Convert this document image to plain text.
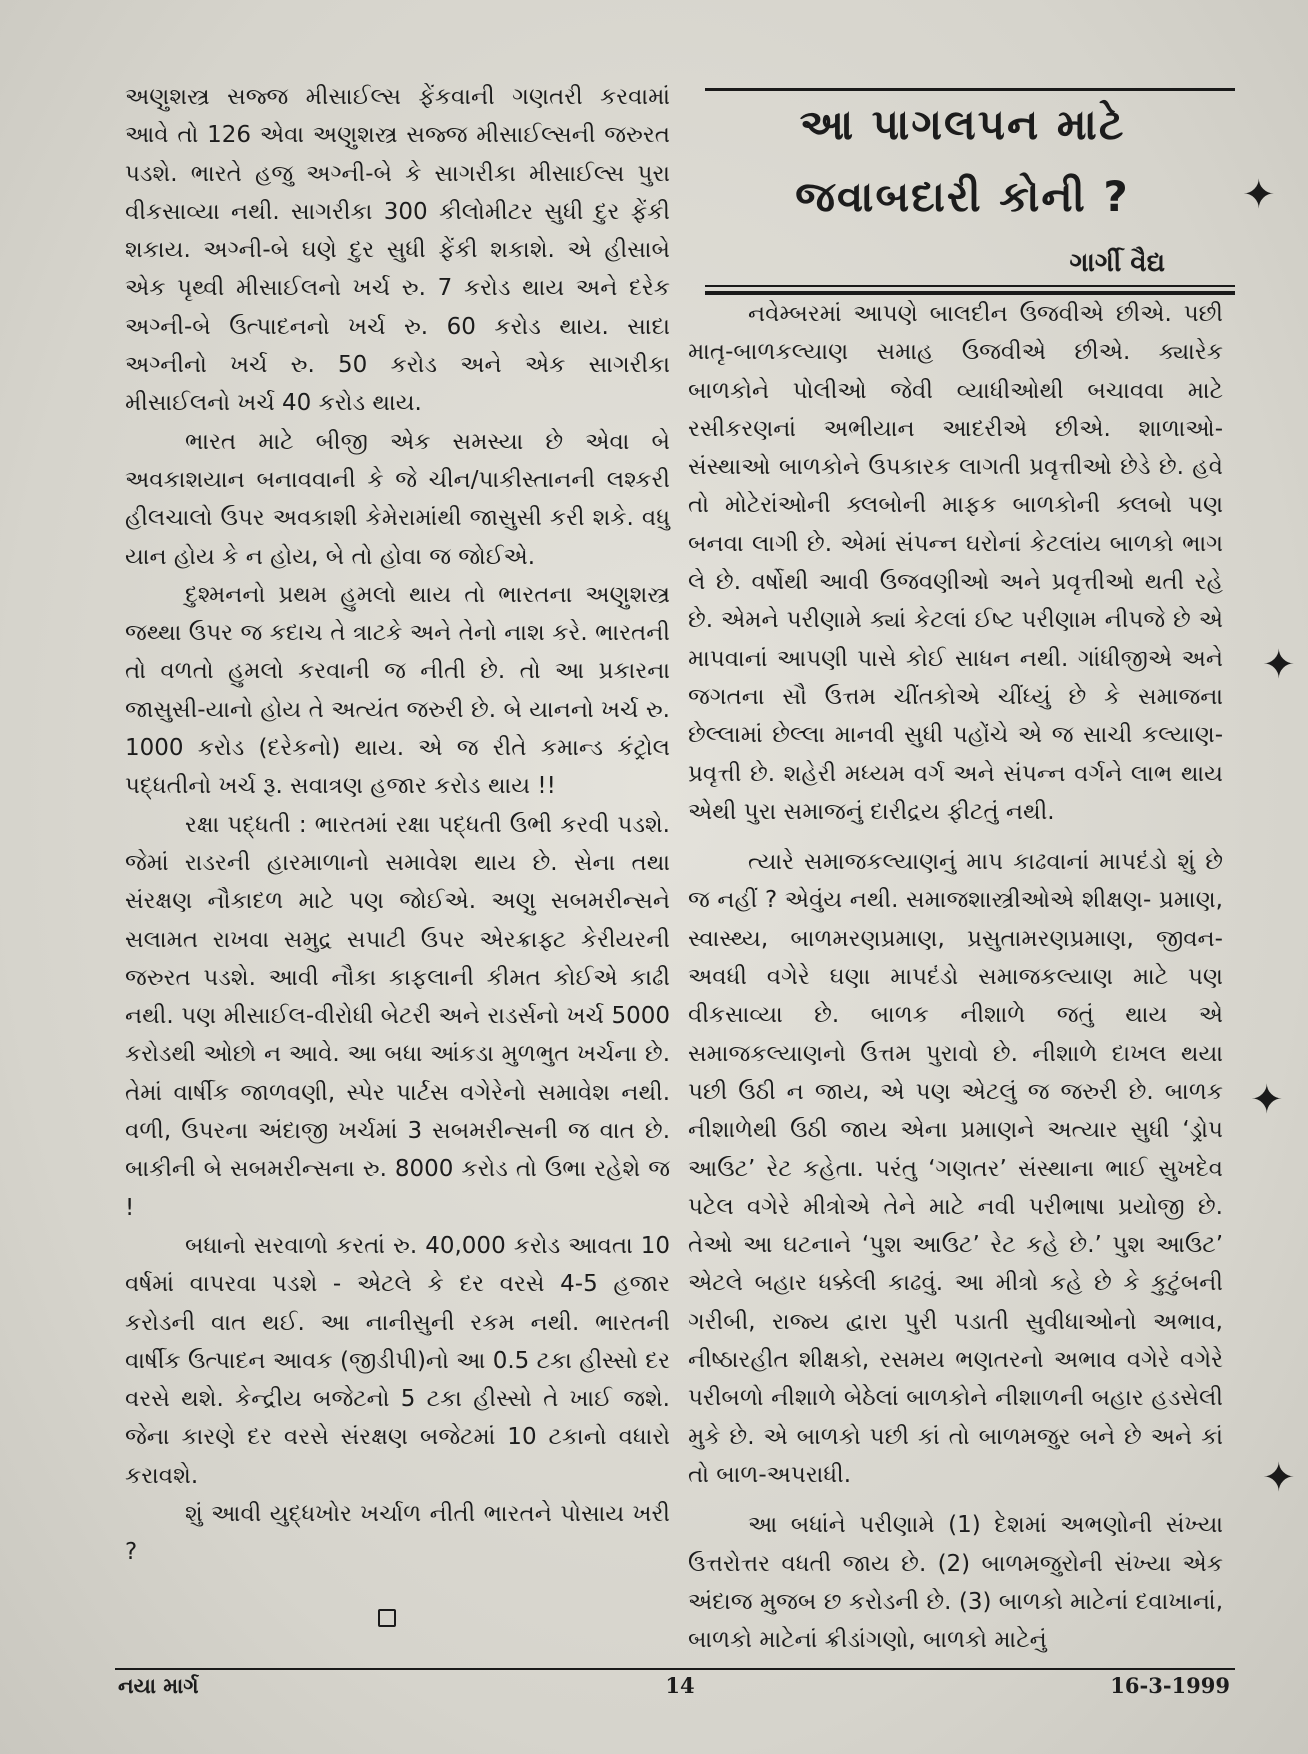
અણુશસ્ત્ર સજ્જ મીસાઈલ્સ ફેંકવાની ગણતરી કરવામાં આવે તો 126 એવા અણુશસ્ત્ર સજ્જ મીસાઈલ્સની જરુરત પડશે. ભારતે હજુ અગ્ની-બે કે સાગરીકા મીસાઈલ્સ પુરા વીકસાવ્યા નથી. સાગરીકા 300 કીલોમીટર સુધી દુર ફેંકી શકાય. અગ્ની-બે ઘણે દુર સુધી ફેંકી શકાશે. એ હીસાબે એક પૃથ્વી મીસાઈલનો ખર્ચ રુ. 7 કરોડ થાય અને દરેક અગ્ની-બે ઉત્પાદનનો ખર્ચ રુ. 60 કરોડ થાય. સાદા અગ્નીનો ખર્ચ રુ. 50 કરોડ અને એક સાગરીકા મીસાઈલનો ખર્ચ 40 કરોડ થાય.

ભારત માટે બીજી એક સમસ્યા છે એવા બે અવકાશયાન બનાવવાની કે જે ચીન/પાકીસ્તાનની લશ્કરી હીલચાલો ઉપર અવકાશી કેમેરામાંથી જાસુસી કરી શકે. વધુ યાન હોય કે ન હોય, બે તો હોવા જ જોઈએ.

દુશ્મનનો પ્રથમ હુમલો થાય તો ભારતના અણુશસ્ત્ર જથ્થા ઉપર જ કદાચ તે ત્રાટકે અને તેનો નાશ કરે. ભારતની તો વળતો હુમલો કરવાની જ નીતી છે. તો આ પ્રકારના જાસુસી-યાનો હોય તે અત્યંત જરુરી છે. બે યાનનો ખર્ચ રુ. 1000 કરોડ (દરેકનો) થાય. એ જ રીતે કમાન્ડ કંટ્રોલ પદ્ધતીનો ખર્ચ રૂ. સવાત્રણ હજાર કરોડ થાય !!

રક્ષા પદ્ધતી : ભારતમાં રક્ષા પદ્ધતી ઉભી કરવી પડશે. જેમાં રાડરની હારમાળાનો સમાવેશ થાય છે. સેના તથા સંરક્ષણ નૌકાદળ માટે પણ જોઈએ. અણુ સબમરીન્સને સલામત રાખવા સમુદ્ર સપાટી ઉપર એરક્રાફ્ટ કેરીયરની જરુરત પડશે. આવી નૌકા કાફલાની કીમત કોઈએ કાઢી નથી. પણ મીસાઈલ-વીરોધી બેટરી અને રાડર્સનો ખર્ચ 5000 કરોડથી ઓછો ન આવે. આ બધા આંકડા મુળભુત ખર્ચના છે. તેમાં વાર્ષીક જાળવણી, સ્પેર પાર્ટસ વગેરેનો સમાવેશ નથી. વળી, ઉપરના અંદાજી ખર્ચમાં 3 સબમરીન્સની જ વાત છે. બાકીની બે સબમરીન્સના રુ. 8000 કરોડ તો ઉભા રહેશે જ !

બધાનો સરવાળો કરતાં રુ. 40,000 કરોડ આવતા 10 વર્ષમાં વાપરવા પડશે - એટલે કે દર વરસે 4-5 હજાર કરોડની વાત થઈ. આ નાનીસુની રકમ નથી. ભારતની વાર્ષીક ઉત્પાદન આવક (જીડીપી)નો આ 0.5 ટકા હીસ્સો દર વરસે થશે. કેન્દ્રીય બજેટનો 5 ટકા હીસ્સો તે ખાઈ જશે. જેના કારણે દર વરસે સંરક્ષણ બજેટમાં 10 ટકાનો વધારો કરાવશે.

શું આવી યુદ્ધખોર ખર્ચાળ નીતી ભારતને પોસાય ખરી ?

આ પાગલપન માટે
જવાબદારી કોની ?
ગાર્ગી વૈદ્ય

નવેમ્બરમાં આપણે બાલદીન ઉજવીએ છીએ. પછી માતૃ-બાળકલ્યાણ સમાહ ઉજવીએ છીએ. ક્યારેક બાળકોને પોલીઓ જેવી વ્યાધીઓથી બચાવવા માટે રસીકરણનાં અભીયાન આદરીએ છીએ. શાળાઓ- સંસ્થાઓ બાળકોને ઉપકારક લાગતી પ્રવૃત્તીઓ છેડે છે. હવે તો મોટેરાંઓની ક્લબોની માફક બાળકોની ક્લબો પણ બનવા લાગી છે. એમાં સંપન્ન ઘરોનાં કેટલાંય બાળકો ભાગ લે છે. વર્ષોથી આવી ઉજવણીઓ અને પ્રવૃત્તીઓ થતી રહે છે. એમને પરીણામે ક્યાં કેટલાં ઈષ્ટ પરીણામ નીપજે છે એ માપવાનાં આપણી પાસે કોઈ સાધન નથી. ગાંધીજીએ અને જગતના સૌ ઉત્તમ ચીંતકોએ ચીંધ્યું છે કે સમાજના છેલ્લામાં છેલ્લા માનવી સુધી પહોંચે એ જ સાચી કલ્યાણ-પ્રવૃત્તી છે. શહેરી મધ્યમ વર્ગ અને સંપન્ન વર્ગને લાભ થાય એથી પુરા સમાજનું દારીદ્રય ફીટતું નથી.

ત્યારે સમાજકલ્યાણનું માપ કાઢવાનાં માપદંડો શું છે જ નહીં ? એવુંય નથી. સમાજશાસ્ત્રીઓએ શીક્ષણ- પ્રમાણ, સ્વાસ્થ્ય, બાળમરણપ્રમાણ, પ્રસુતામરણપ્રમાણ, જીવન- અવધી વગેરે ઘણા માપદંડો સમાજકલ્યાણ માટે પણ વીકસાવ્યા છે. બાળક નીશાળે જતું થાય એ સમાજકલ્યાણનો ઉત્તમ પુરાવો છે. નીશાળે દાખલ થયા પછી ઉઠી ન જાય, એ પણ એટલું જ જરુરી છે. બાળક નીશાળેથી ઉઠી જાય એના પ્રમાણને અત્યાર સુધી ‘ડ્રોપ આઉટ’ રેટ કહેતા. પરંતુ ‘ગણતર’ સંસ્થાના ભાઈ સુખદેવ પટેલ વગેરે મીત્રોએ તેને માટે નવી પરીભાષા પ્રયોજી છે. તેઓ આ ઘટનાને ‘પુશ આઉટ’ રેટ કહે છે.’ પુશ આઉટ’ એટલે બહાર ધક્કેલી કાઢવું. આ મીત્રો કહે છે કે કુટુંબની ગરીબી, રાજ્ય દ્વારા પુરી પડાતી સુવીધાઓનો અભાવ, નીષ્ઠારહીત શીક્ષકો, રસમય ભણતરનો અભાવ વગેરે વગેરે પરીબળો નીશાળે બેઠેલાં બાળકોને નીશાળની બહાર હડસેલી મુકે છે. એ બાળકો પછી કાં તો બાળમજુર બને છે અને કાં તો બાળ-અપરાધી.

આ બધાંને પરીણામે (1) દેશમાં અભણોની સંખ્યા ઉત્તરોત્તર વધતી જાય છે. (2) બાળમજુરોની સંખ્યા એક અંદાજ મુજબ છ કરોડની છે. (3) બાળકો માટેનાં દવાખાનાં, બાળકો માટેનાં ક્રીડાંગણો, બાળકો માટેનું

✦
✦
✦
✦
નયા માર્ગ	14	16-3-1999
